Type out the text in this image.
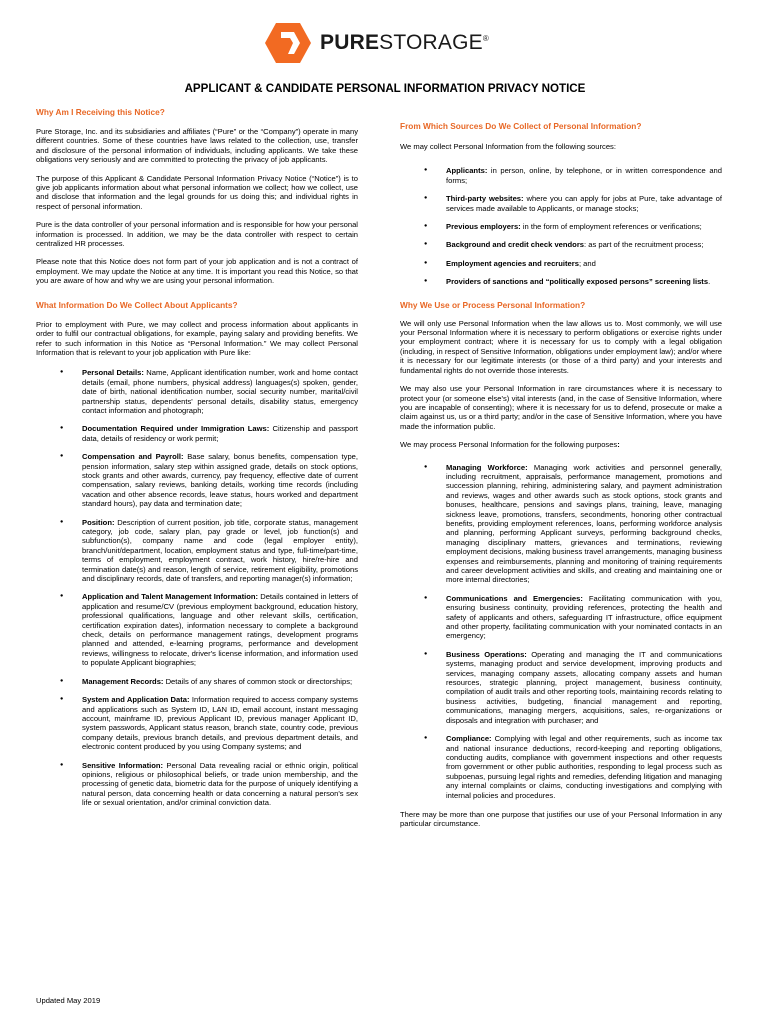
PURESTORAGE®
APPLICANT & CANDIDATE PERSONAL INFORMATION PRIVACY NOTICE
Why Am I Receiving this Notice?

Pure Storage, Inc. and its subsidiaries and affiliates (“Pure” or the “Company”) operate in many different countries. Some of these countries have laws related to the collection, use, transfer and disclosure of the personal information of individuals, including applicants. We take these obligations very seriously and are committed to protecting the privacy of job applicants.

The purpose of this Applicant & Candidate Personal Information Privacy Notice (“Notice”) is to give job applicants information about what personal information we collect; how we collect, use and disclose that information and the legal grounds for us doing this; and individual rights in respect of personal information.

Pure is the data controller of your personal information and is responsible for how your personal information is processed. In addition, we may be the data controller with respect to certain centralized HR processes.

Please note that this Notice does not form part of your job application and is not a contract of employment. We may update the Notice at any time. It is important you read this Notice, so that you are aware of how and why we are using your personal information.

What Information Do We Collect About Applicants?

Prior to employment with Pure, we may collect and process information about applicants in order to fulfil our contractual obligations, for example, paying salary and providing benefits. We refer to such information in this Notice as “Personal Information.” We may collect Personal Information that is relevant to your job application with Pure like:

● Personal Details: Name, Applicant identification number, work and home contact details (email, phone numbers, physical address) languages(s) spoken, gender, date of birth, national identification number, social security number, marital/civil partnership status, dependents' personal details, disability status, emergency contact information and photograph;
● Documentation Required under Immigration Laws: Citizenship and passport data, details of residency or work permit;
● Compensation and Payroll: Base salary, bonus benefits, compensation type, pension information, salary step within assigned grade, details on stock options, stock grants and other awards, currency, pay frequency, effective date of current compensation, salary reviews, banking details, working time records (including vacation and other absence records, leave status, hours worked and department standard hours), pay data and termination date;
● Position: Description of current position, job title, corporate status, management category, job code, salary plan, pay grade or level, job function(s) and subfunction(s), company name and code (legal employer entity), branch/unit/department, location, employment status and type, full-time/part-time, terms of employment, employment contract, work history, hire/re-hire and termination date(s) and reason, length of service, retirement eligibility, promotions and disciplinary records, date of transfers, and reporting manager(s) information;
● Application and Talent Management Information: Details contained in letters of application and resume/CV (previous employment background, education history, professional qualifications, language and other relevant skills, certification, certification expiration dates), information necessary to complete a background check, details on performance management ratings, development programs planned and attended, e-learning programs, performance and development reviews, willingness to relocate, driver's license information, and information used to populate Applicant biographies;
● Management Records: Details of any shares of common stock or directorships;
● System and Application Data: Information required to access company systems and applications such as System ID, LAN ID, email account, instant messaging account, mainframe ID, previous Applicant ID, previous manager Applicant ID, system passwords, Applicant status reason, branch state, country code, previous company details, previous branch details, and previous department details, and electronic content produced by you using Company systems; and
● Sensitive Information: Personal Data revealing racial or ethnic origin, political opinions, religious or philosophical beliefs, or trade union membership, and the processing of genetic data, biometric data for the purpose of uniquely identifying a natural person, data concerning health or data concerning a natural person's sex life or sexual orientation, and/or criminal conviction data.
From Which Sources Do We Collect of Personal Information?

We may collect Personal Information from the following sources:

● Applicants: in person, online, by telephone, or in written correspondence and forms;
● Third-party websites: where you can apply for jobs at Pure, take advantage of services made available to Applicants, or manage stocks;
● Previous employers: in the form of employment references or verifications;
● Background and credit check vendors: as part of the recruitment process;
● Employment agencies and recruiters; and
● Providers of sanctions and “politically exposed persons” screening lists.
Why We Use or Process Personal Information?

We will only use Personal Information when the law allows us to. Most commonly, we will use your Personal Information where it is necessary to perform obligations or exercise rights under your employment contract; where it is necessary for us to comply with a legal obligation (including, in respect of Sensitive Information, obligations under employment law); and/or where it is necessary for our legitimate interests (or those of a third party) and your interests and fundamental rights do not override those interests.

We may also use your Personal Information in rare circumstances where it is necessary to protect your (or someone else's) vital interests (and, in the case of Sensitive Information, where you are incapable of consenting); where it is necessary for us to defend, prosecute or make a claim against us, us or a third party; and/or in the case of Sensitive Information, where you have made the information public.

We may process Personal Information for the following purposes:

● Managing Workforce: Managing work activities and personnel generally, including recruitment, appraisals, performance management, promotions and succession planning, rehiring, administering salary, and payment administration and reviews, wages and other awards such as stock options, stock grants and bonuses, healthcare, pensions and savings plans, training, leave, managing sickness leave, promotions, transfers, secondments, honoring other contractual benefits, providing employment references, loans, performing workforce analysis and planning, performing Applicant surveys, performing background checks, managing disciplinary matters, grievances and terminations, reviewing employment decisions, making business travel arrangements, managing business expenses and reimbursements, planning and monitoring of training requirements and career development activities and skills, and creating and maintaining one or more internal directories;
● Communications and Emergencies: Facilitating communication with you, ensuring business continuity, providing references, protecting the health and safety of applicants and others, safeguarding IT infrastructure, office equipment and other property, facilitating communication with your nominated contacts in an emergency;
● Business Operations: Operating and managing the IT and communications systems, managing product and service development, improving products and services, managing company assets, allocating company assets and human resources, strategic planning, project management, business continuity, compilation of audit trails and other reporting tools, maintaining records relating to business activities, budgeting, financial management and reporting, communications, managing mergers, acquisitions, sales, re-organizations or disposals and integration with purchaser; and
● Compliance: Complying with legal and other requirements, such as income tax and national insurance deductions, record-keeping and reporting obligations, conducting audits, compliance with government inspections and other requests from government or other public authorities, responding to legal process such as subpoenas, pursuing legal rights and remedies, defending litigation and managing any internal complaints or claims, conducting investigations and complying with internal policies and procedures.

There may be more than one purpose that justifies our use of your Personal Information in any particular circumstance.

Updated May 2019
